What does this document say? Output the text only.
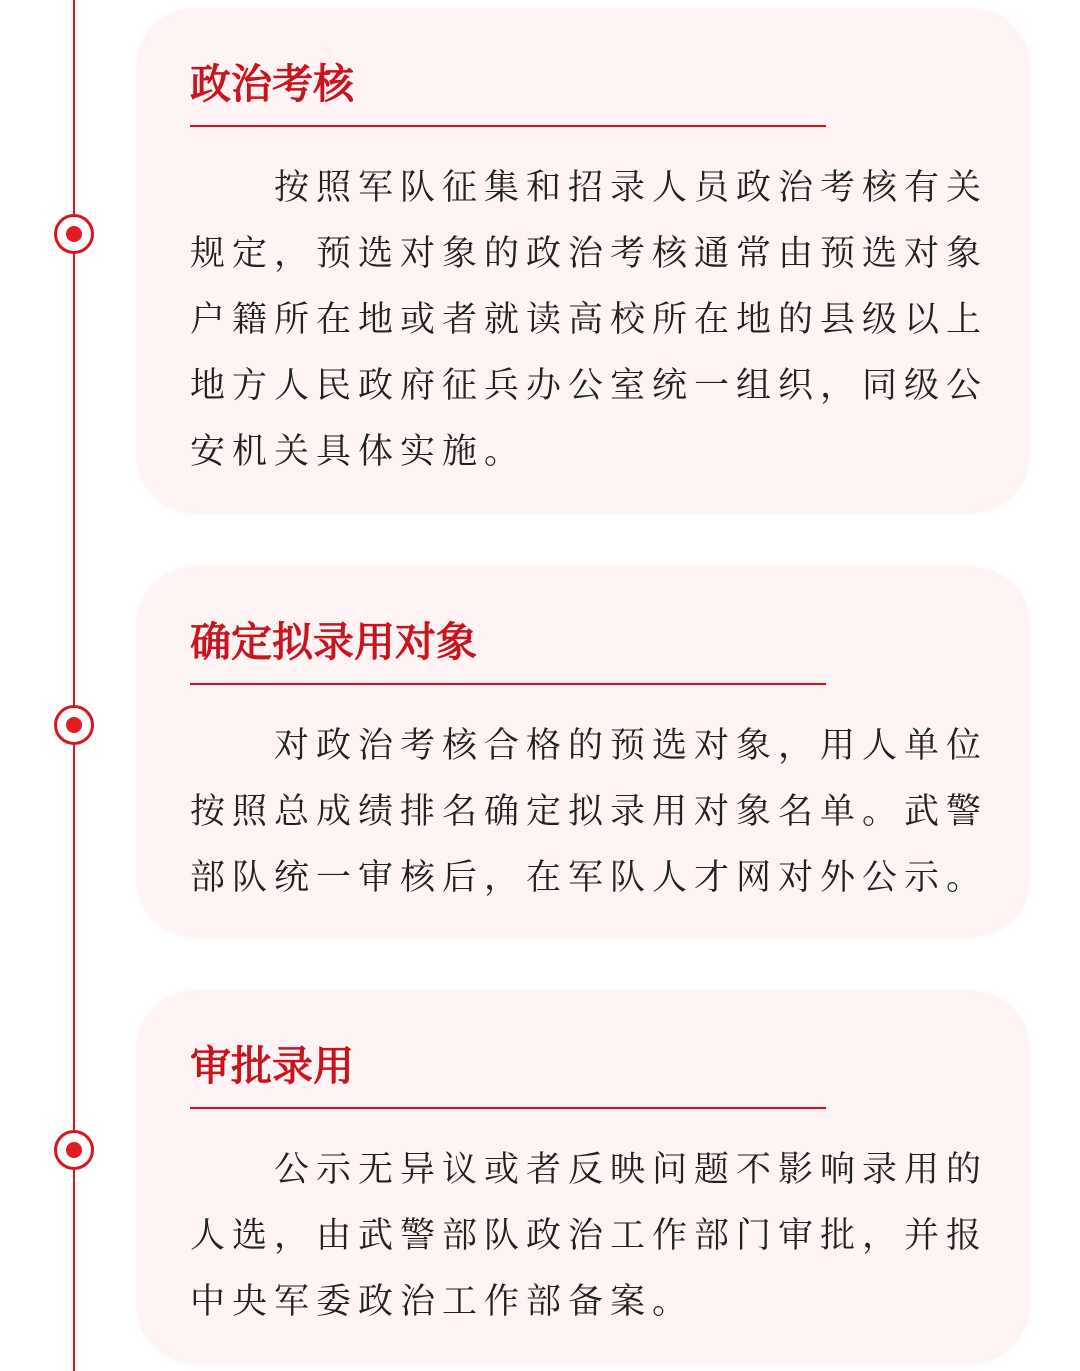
政治考核

按照军队征集和招录人员政治考核有关规定，预选对象的政治考核通常由预选对象户籍所在地或者就读高校所在地的县级以上地方人民政府征兵办公室统一组织，同级公安机关具体实施。

确定拟录用对象

对政治考核合格的预选对象，用人单位按照总成绩排名确定拟录用对象名单。武警部队统一审核后，在军队人才网对外公示。

审批录用

公示无异议或者反映问题不影响录用的人选，由武警部队政治工作部门审批，并报中央军委政治工作部备案。
